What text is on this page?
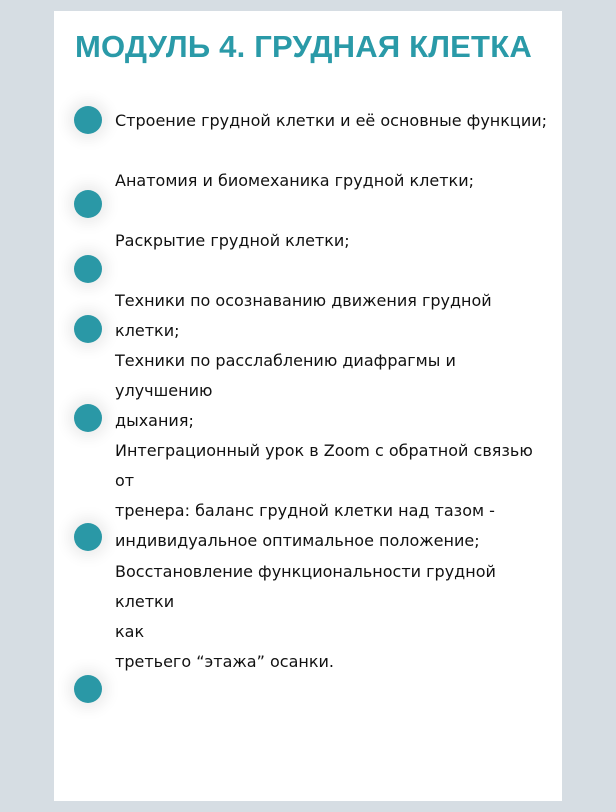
МОДУЛЬ 4. ГРУДНАЯ КЛЕТКА

Строение грудной клетки и её основные функции;

Анатомия и биомеханика грудной клетки;

Раскрытие грудной клетки;

Техники по осознаванию движения грудной клетки;

Техники по расслаблению диафрагмы и улучшению
дыхания;

Интеграционный урок в Zoom с обратной связью от
тренера: баланс грудной клетки над тазом -
индивидуальное оптимальное положение;

Восстановление функциональности грудной клетки
как
третьего “этажа” осанки.
